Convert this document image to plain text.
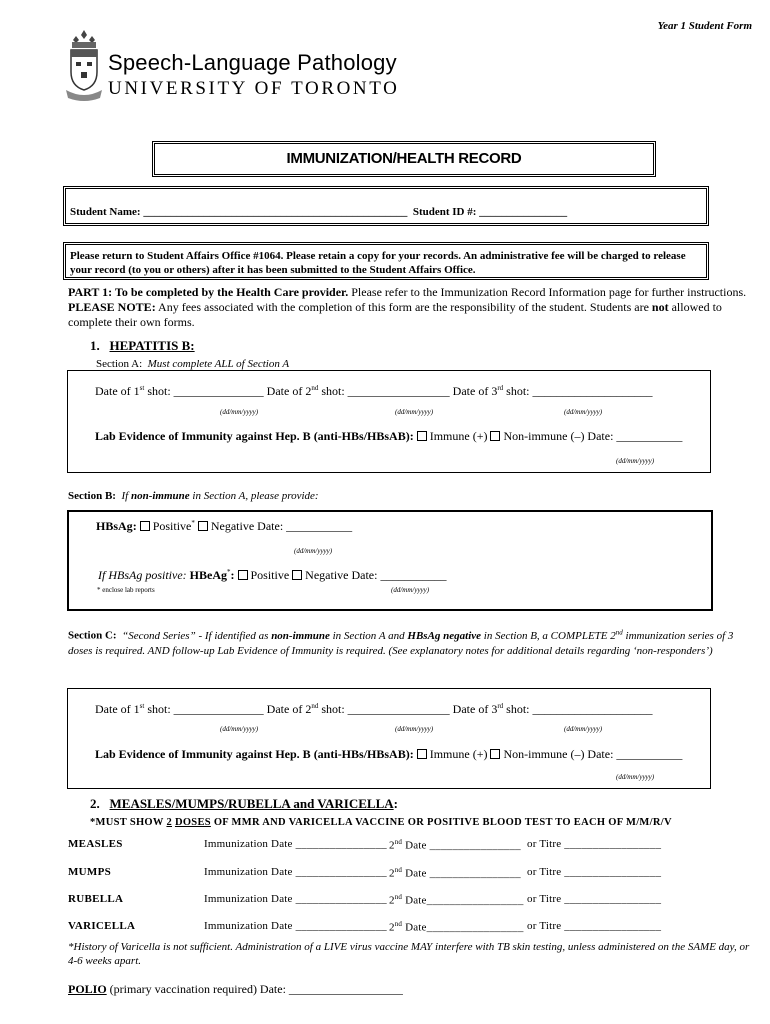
Year 1 Student Form
Speech-Language Pathology
UNIVERSITY OF TORONTO
IMMUNIZATION/HEALTH RECORD
Student Name: ________________________________________________ Student ID #: ________________
Please return to Student Affairs Office #1064. Please retain a copy for your records. An administrative fee will be charged to release your record (to you or others) after it has been submitted to the Student Affairs Office.
PART 1: To be completed by the Health Care provider. Please refer to the Immunization Record Information page for further instructions.
PLEASE NOTE: Any fees associated with the completion of this form are the responsibility of the student. Students are not allowed to complete their own forms.
1. HEPATITIS B:
Section A: Must complete ALL of Section A
Date of 1st shot: _______________ Date of 2nd shot: _________________ Date of 3rd shot: ____________________
(dd/mm/yyyy)	(dd/mm/yyyy)	(dd/mm/yyyy)
Lab Evidence of Immunity against Hep. B (anti-HBs/HBsAB): Immune (+) Non-immune (–) Date: ___________
(dd/mm/yyyy)
Section B: If non-immune in Section A, please provide:
HBsAg: Positive* Negative Date: ___________
(dd/mm/yyyy)
If HBsAg positive: HBeAg*: Positive Negative Date: ___________
* enclose lab reports	(dd/mm/yyyy)
Section C: “Second Series” - If identified as non-immune in Section A and HBsAg negative in Section B, a COMPLETE 2nd immunization series of 3 doses is required. AND follow-up Lab Evidence of Immunity is required. (See explanatory notes for additional details regarding ‘non-responders’)
Date of 1st shot: _______________ Date of 2nd shot: _________________ Date of 3rd shot: ____________________
(dd/mm/yyyy)	(dd/mm/yyyy)	(dd/mm/yyyy)
Lab Evidence of Immunity against Hep. B (anti-HBs/HBsAB): Immune (+) Non-immune (–) Date: ___________
(dd/mm/yyyy)
2. MEASLES/MUMPS/RUBELLA and VARICELLA:
*MUST SHOW 2 DOSES OF MMR AND VARICELLA VACCINE OR POSITIVE BLOOD TEST TO EACH OF M/M/R/V
MEASLES	Immunization Date ________________ 2nd Date ________________ or Titre _________________
MUMPS	Immunization Date ________________ 2nd Date ________________ or Titre _________________
RUBELLA	Immunization Date ________________ 2nd Date_________________ or Titre _________________
VARICELLA	Immunization Date ________________ 2nd Date_________________ or Titre _________________
*History of Varicella is not sufficient. Administration of a LIVE virus vaccine MAY interfere with TB skin testing, unless administered on the SAME day, or 4-6 weeks apart.
POLIO (primary vaccination required) Date: ___________________
